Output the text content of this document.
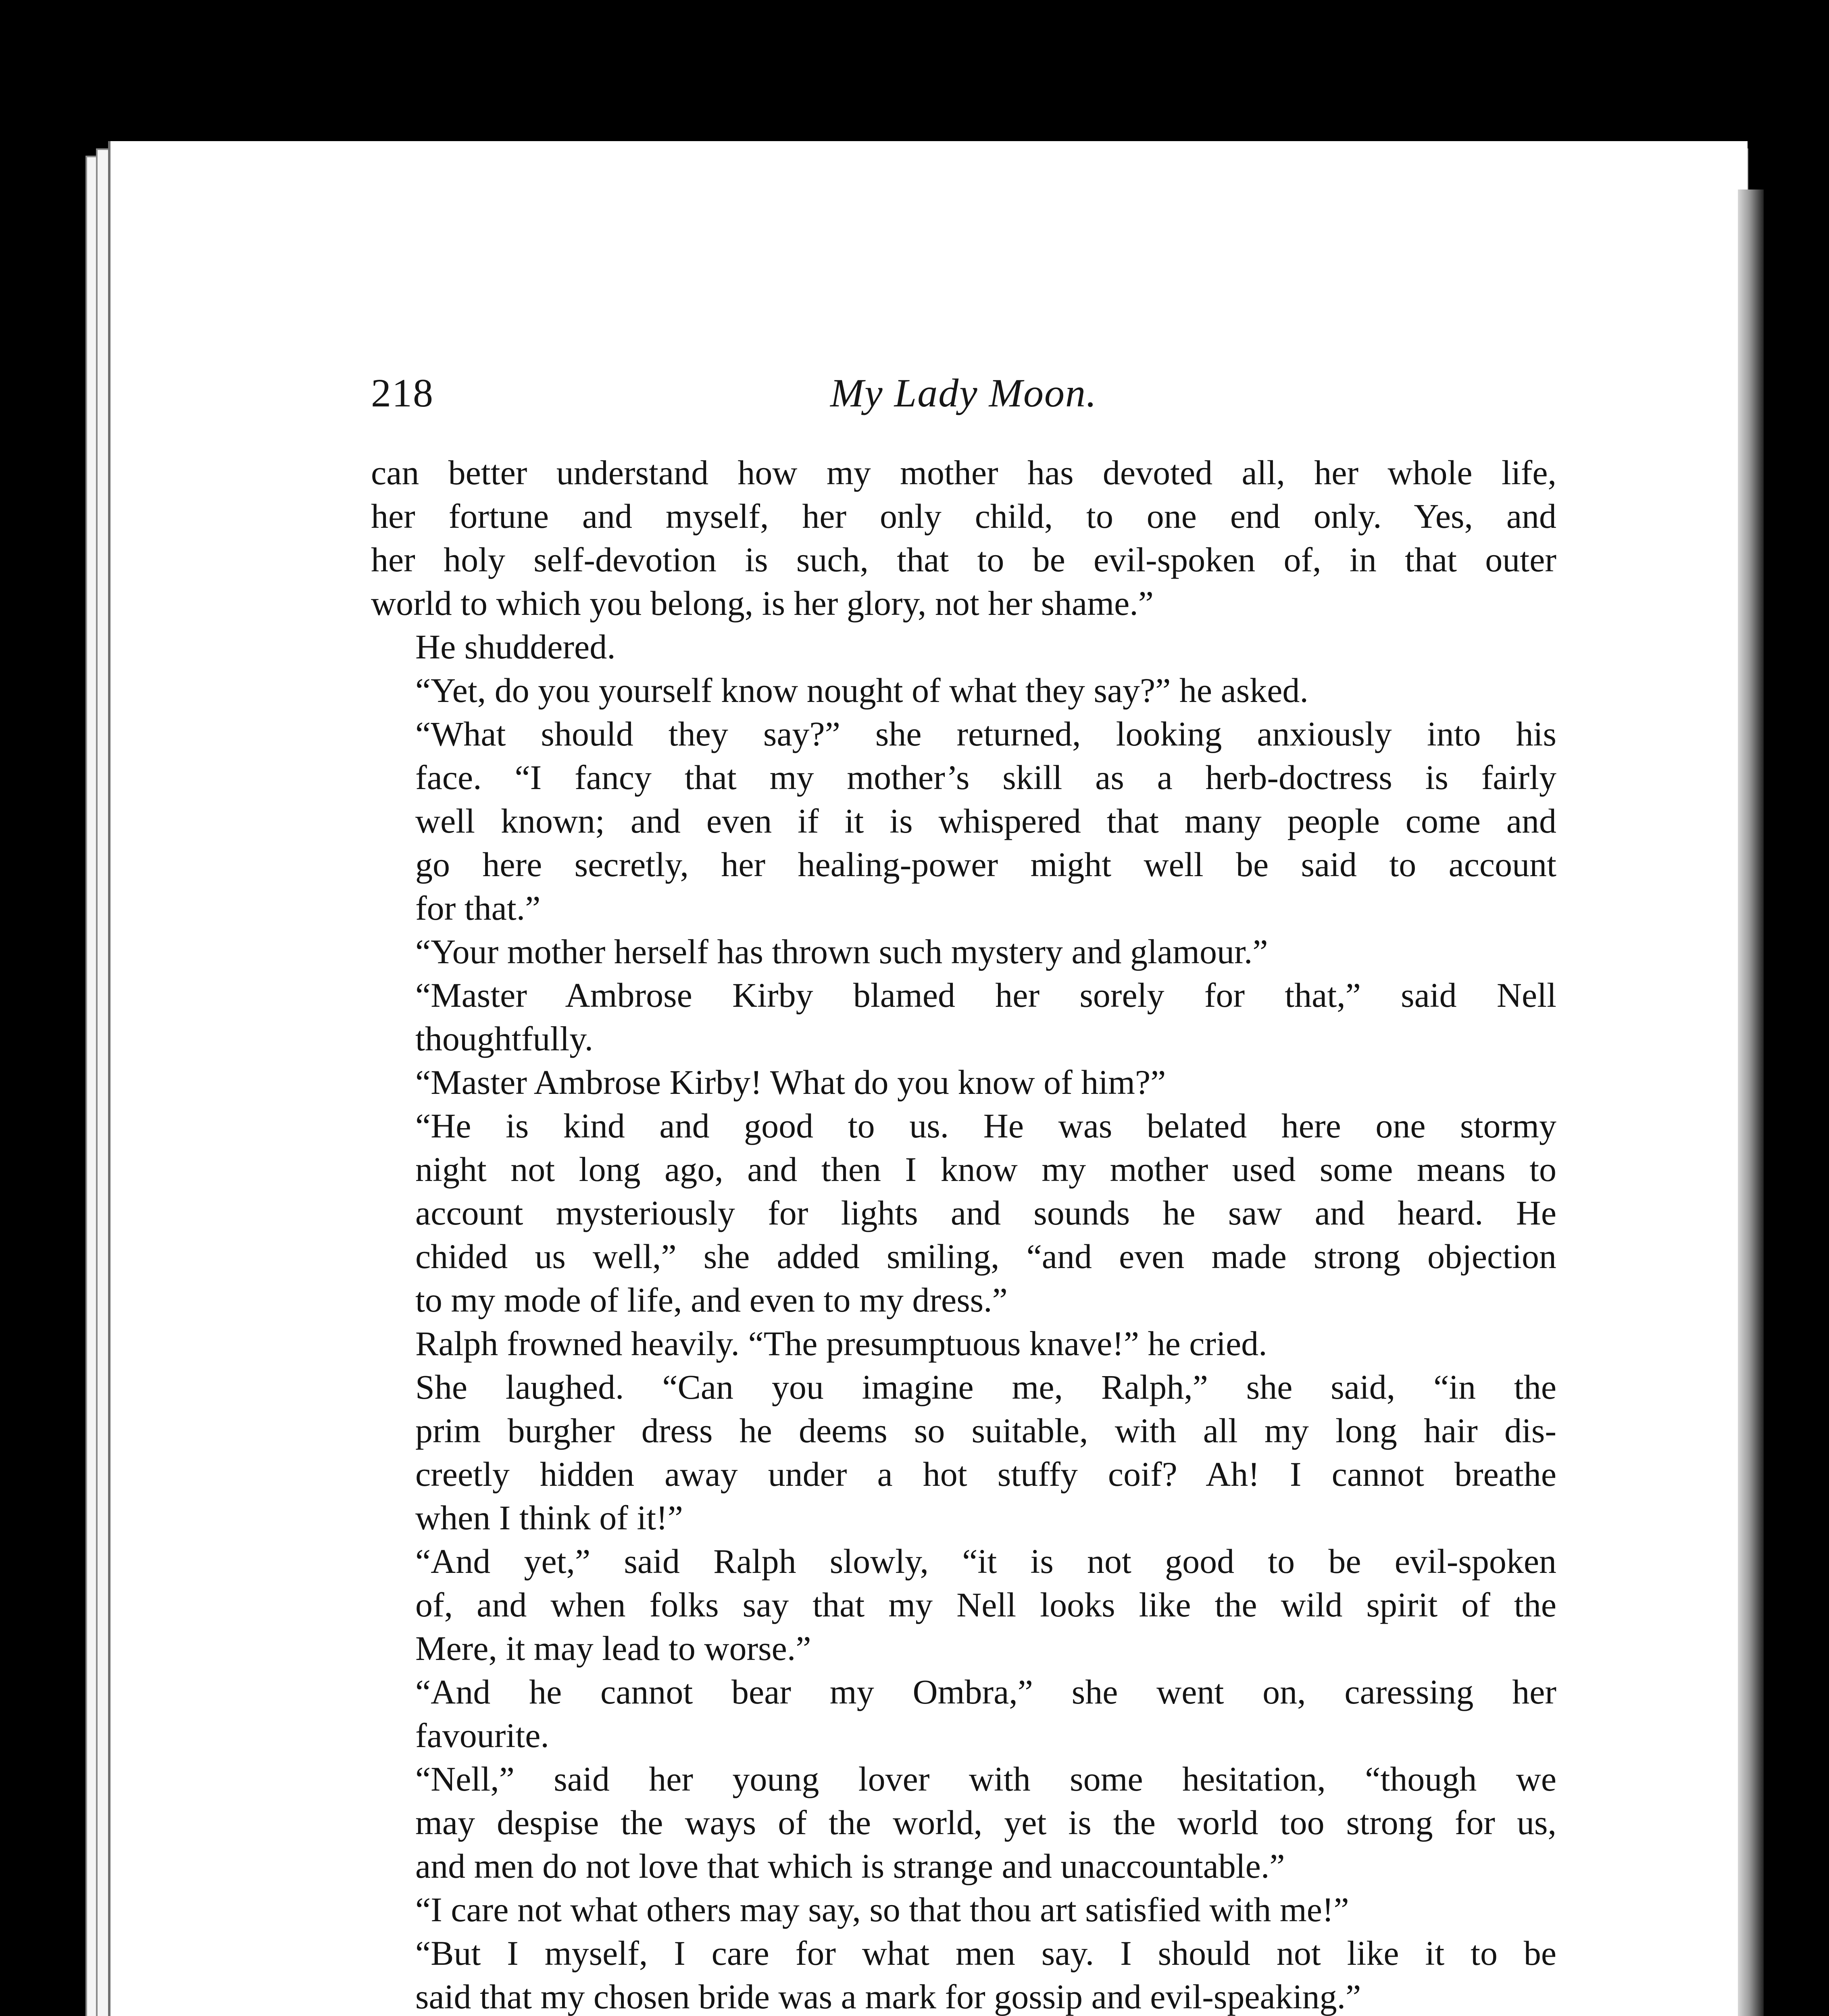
218	My Lady Moon.

can better understand how my mother has devoted all, her whole life,
her fortune and myself, her only child, to one end only. Yes, and
her holy self-devotion is such, that to be evil-spoken of, in that outer
world to which you belong, is her glory, not her shame.”

He shuddered.

“Yet, do you yourself know nought of what they say?” he asked.

“What should they say?” she returned, looking anxiously into his
face. “I fancy that my mother’s skill as a herb-doctress is fairly
well known; and even if it is whispered that many people come and
go here secretly, her healing-power might well be said to account
for that.”

“Your mother herself has thrown such mystery and glamour.”

“Master Ambrose Kirby blamed her sorely for that,” said Nell
thoughtfully.

“Master Ambrose Kirby! What do you know of him?”

“He is kind and good to us. He was belated here one stormy
night not long ago, and then I know my mother used some means to
account mysteriously for lights and sounds he saw and heard. He
chided us well,” she added smiling, “and even made strong objection
to my mode of life, and even to my dress.”

Ralph frowned heavily. “The presumptuous knave!” he cried.

She laughed. “Can you imagine me, Ralph,” she said, “in the
prim burgher dress he deems so suitable, with all my long hair dis-
creetly hidden away under a hot stuffy coif? Ah! I cannot breathe
when I think of it!”

“And yet,” said Ralph slowly, “it is not good to be evil-spoken
of, and when folks say that my Nell looks like the wild spirit of the
Mere, it may lead to worse.”

“And he cannot bear my Ombra,” she went on, caressing her
favourite.

“Nell,” said her young lover with some hesitation, “though we
may despise the ways of the world, yet is the world too strong for us,
and men do not love that which is strange and unaccountable.”

“I care not what others may say, so that thou art satisfied with me!”

“But I myself, I care for what men say. I should not like it to be
said that my chosen bride was a mark for gossip and evil-speaking.”
